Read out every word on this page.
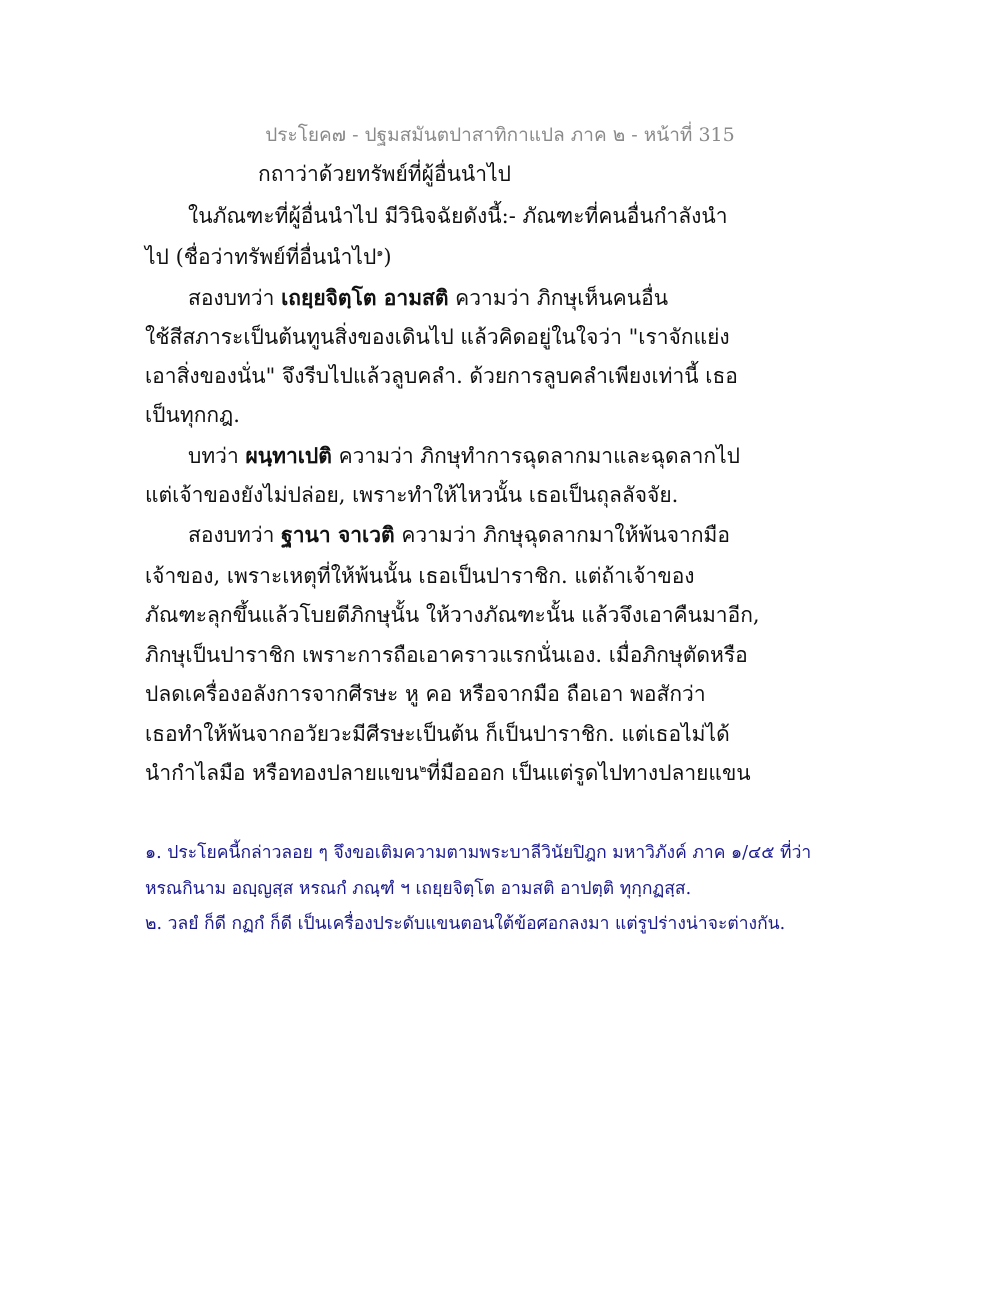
ประโยค๗ - ปฐมสมันตปาสาทิกาแปล ภาค ๒ - หน้าที่ 315
กถาว่าด้วยทรัพย์ที่ผู้อื่นนำไป
ในภัณฑะที่ผู้อื่นนำไป มีวินิจฉัยดังนี้:- ภัณฑะที่คนอื่นกำลังนำ
ไป (ชื่อว่าทรัพย์ที่อื่นนำไป$^๑$)
สองบทว่า เถยฺยจิตฺโต อามสติ ความว่า ภิกษุเห็นคนอื่น
ใช้สีสภาระเป็นต้นทูนสิ่งของเดินไป แล้วคิดอยู่ในใจว่า "เราจักแย่ง
เอาสิ่งของนั่น" จึงรีบไปแล้วลูบคลำ. ด้วยการลูบคลำเพียงเท่านี้ เธอ
เป็นทุกกฎ.
บทว่า ผนฺทาเปติ ความว่า ภิกษุทำการฉุดลากมาและฉุดลากไป
แต่เจ้าของยังไม่ปล่อย, เพราะทำให้ไหวนั้น เธอเป็นถุลลัจจัย.
สองบทว่า ฐานา จาเวติ ความว่า ภิกษุฉุดลากมาให้พ้นจากมือ
เจ้าของ, เพราะเหตุที่ให้พ้นนั้น เธอเป็นปาราชิก. แต่ถ้าเจ้าของ
ภัณฑะลุกขึ้นแล้วโบยตีภิกษุนั้น ให้วางภัณฑะนั้น แล้วจึงเอาคืนมาอีก,
ภิกษุเป็นปาราชิก เพราะการถือเอาคราวแรกนั่นเอง. เมื่อภิกษุตัดหรือ
ปลดเครื่องอลังการจากศีรษะ หู คอ หรือจากมือ ถือเอา พอสักว่า
เธอทำให้พ้นจากอวัยวะมีศีรษะเป็นต้น ก็เป็นปาราชิก. แต่เธอไม่ได้
นำกำไลมือ หรือทองปลายแขน$^๒$ที่มือออก เป็นแต่รูดไปทางปลายแขน
๑. ประโยคนี้กล่าวลอย ๆ จึงขอเติมความตามพระบาลีวินัยปิฎก มหาวิภังค์ ภาค ๑/๔๕ ที่ว่า
หรณกินาม อญฺญสฺส หรณกํ ภณฺฑํ ฯ เถยฺยจิตฺโต อามสติ อาปตฺติ ทุกฺกฏสฺส.
๒. วลยํ ก็ดี กฏกํ ก็ดี เป็นเครื่องประดับแขนตอนใต้ข้อศอกลงมา แต่รูปร่างน่าจะต่างกัน.
